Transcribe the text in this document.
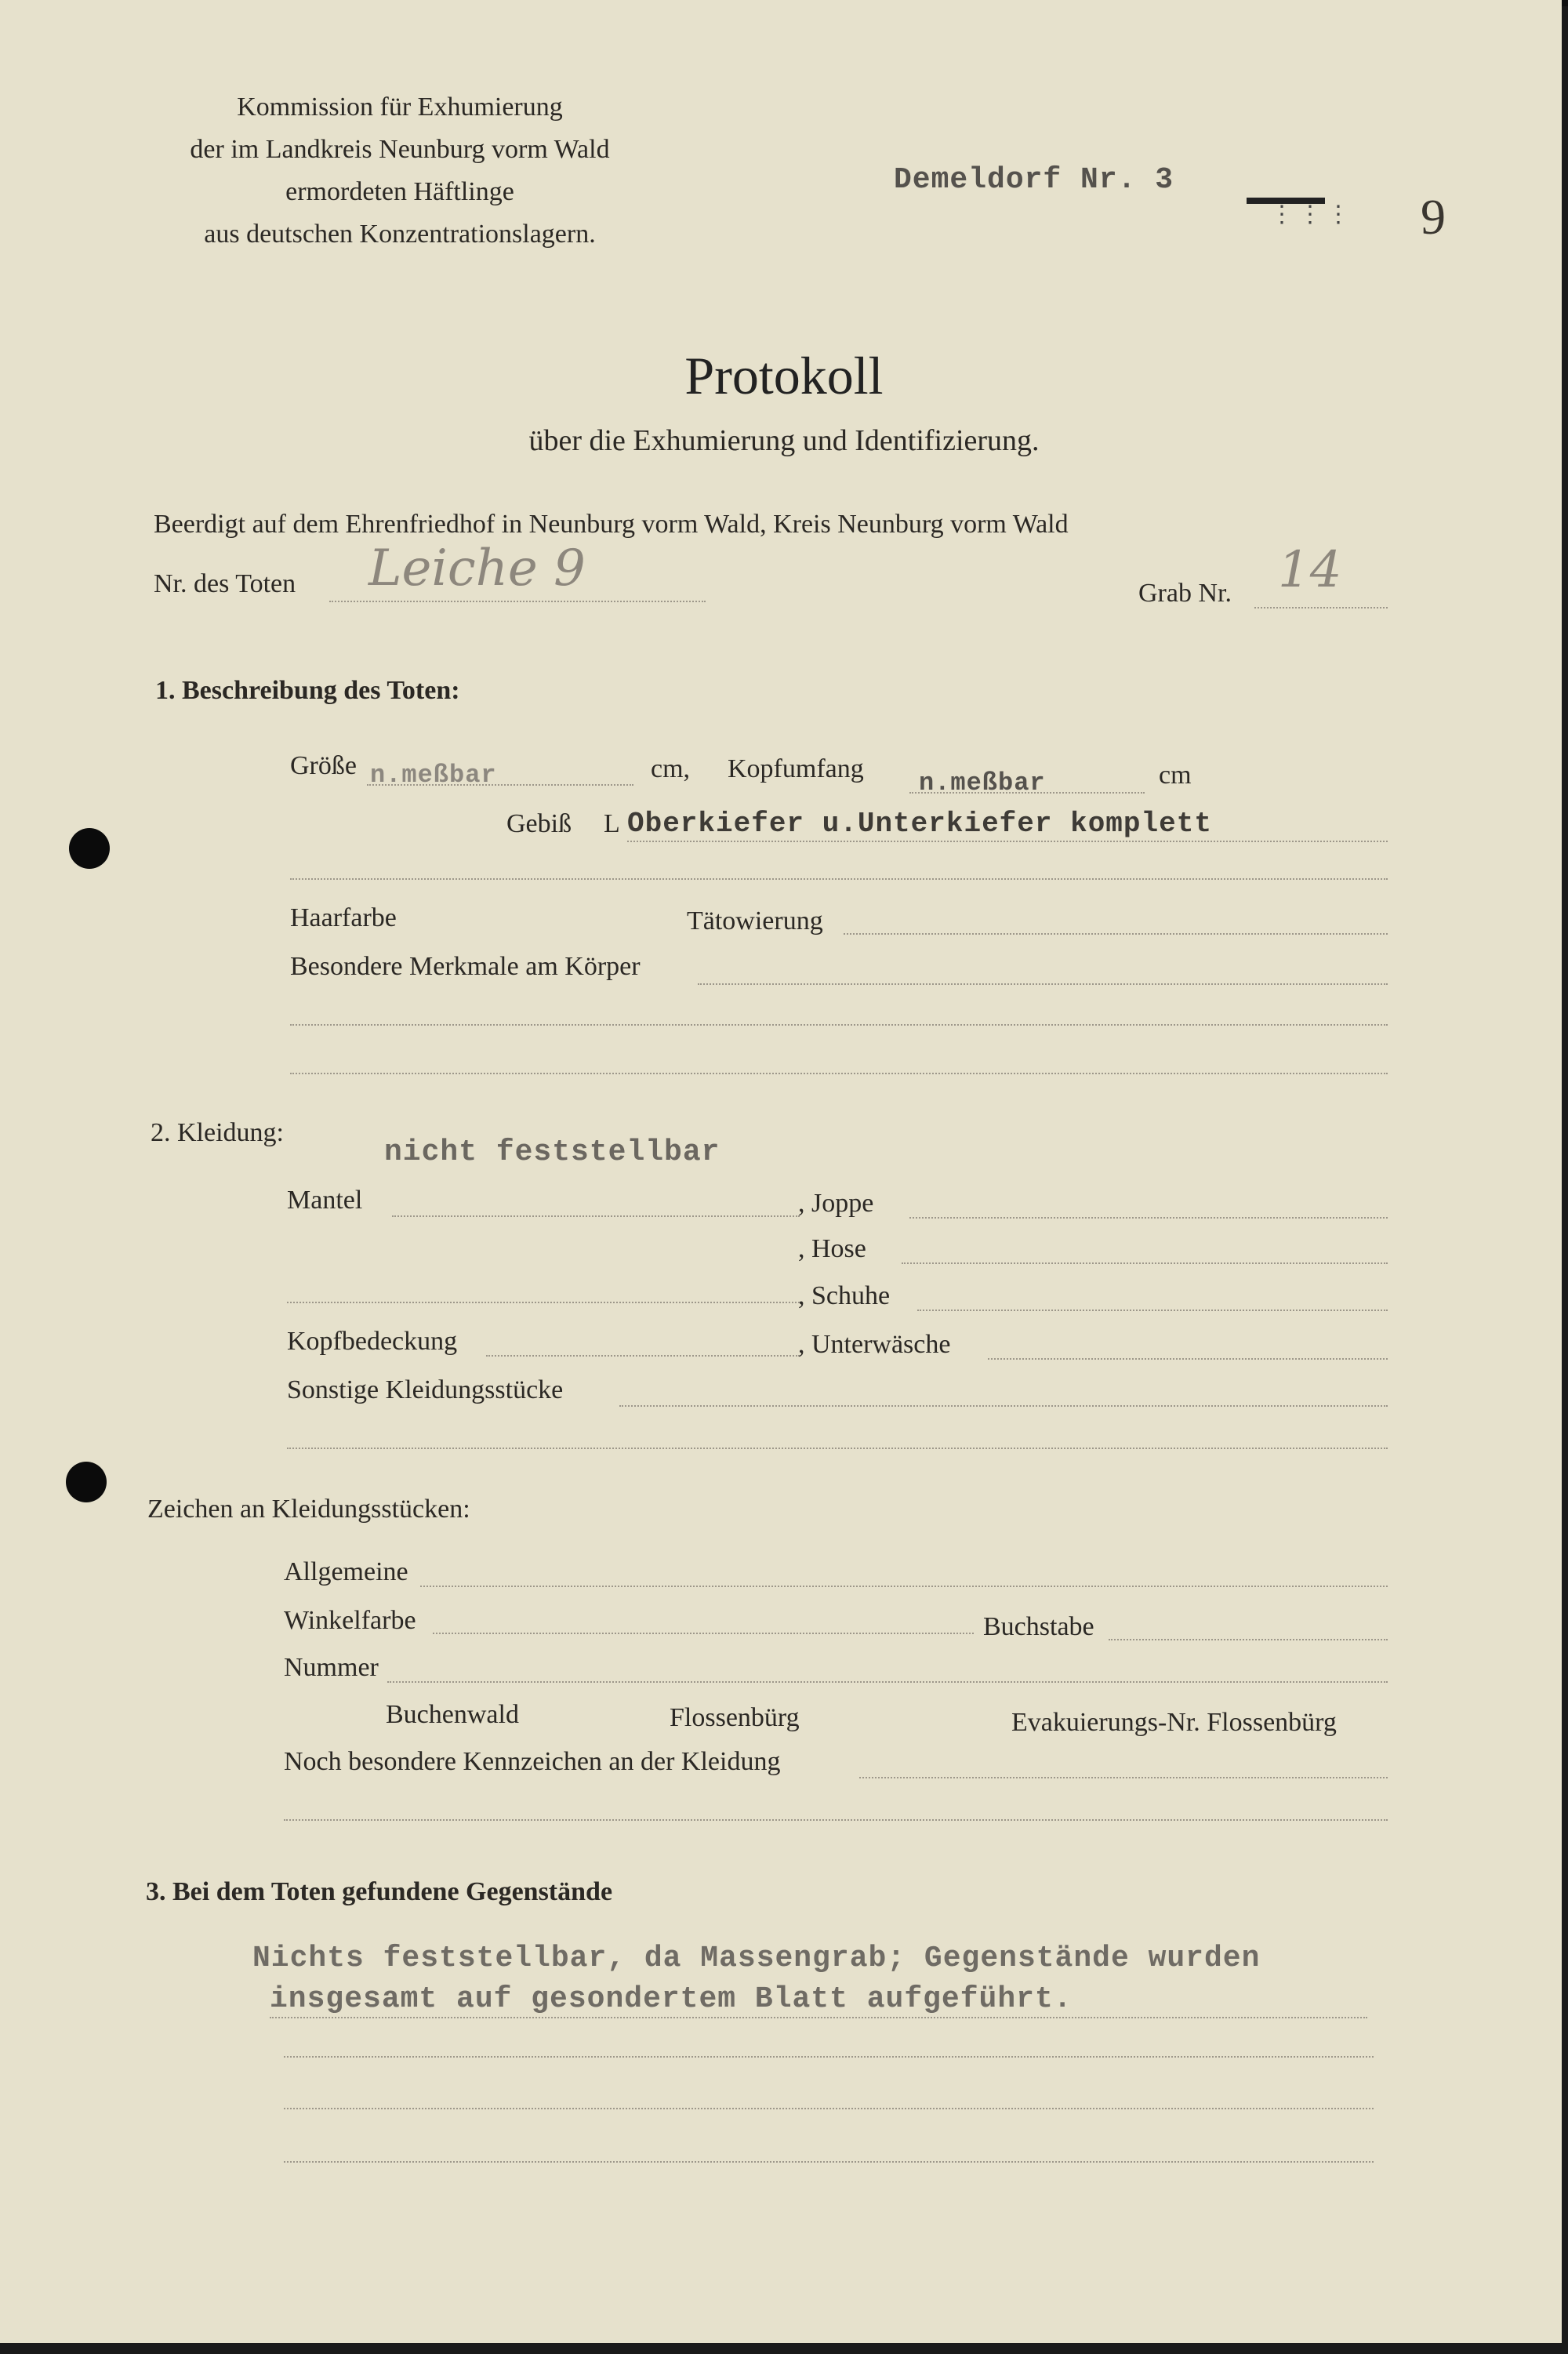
Kommission für Exhumierung
der im Landkreis Neunburg vorm Wald
ermordeten Häftlinge
aus deutschen Konzentrationslagern.
Demeldorf Nr. 3
⋮⋮⋮ 9
Protokoll
über die Exhumierung und Identifizierung.
Beerdigt auf dem Ehrenfriedhof in Neunburg vorm Wald, Kreis Neunburg vorm Wald
Nr. des Toten Leiche 9	Grab Nr. 14
1. Beschreibung des Toten:
Größe n.meßbar	cm, Kopfumfang n.meßbar	cm
Gebiß L Oberkiefer u.Unterkiefer komplett
Haarfarbe	Tätowierung
Besondere Merkmale am Körper
2. Kleidung:
nicht feststellbar
Mantel	, Joppe
, Hose
, Schuhe
Kopfbedeckung	, Unterwäsche
Sonstige Kleidungsstücke
Zeichen an Kleidungsstücken:
Allgemeine
Winkelfarbe	Buchstabe
Nummer
Buchenwald	Flossenbürg	Evakuierungs-Nr. Flossenbürg
Noch besondere Kennzeichen an der Kleidung
3. Bei dem Toten gefundene Gegenstände
Nichts feststellbar, da Massengrab; Gegenstände wurden
insgesamt auf gesondertem Blatt aufgeführt.
